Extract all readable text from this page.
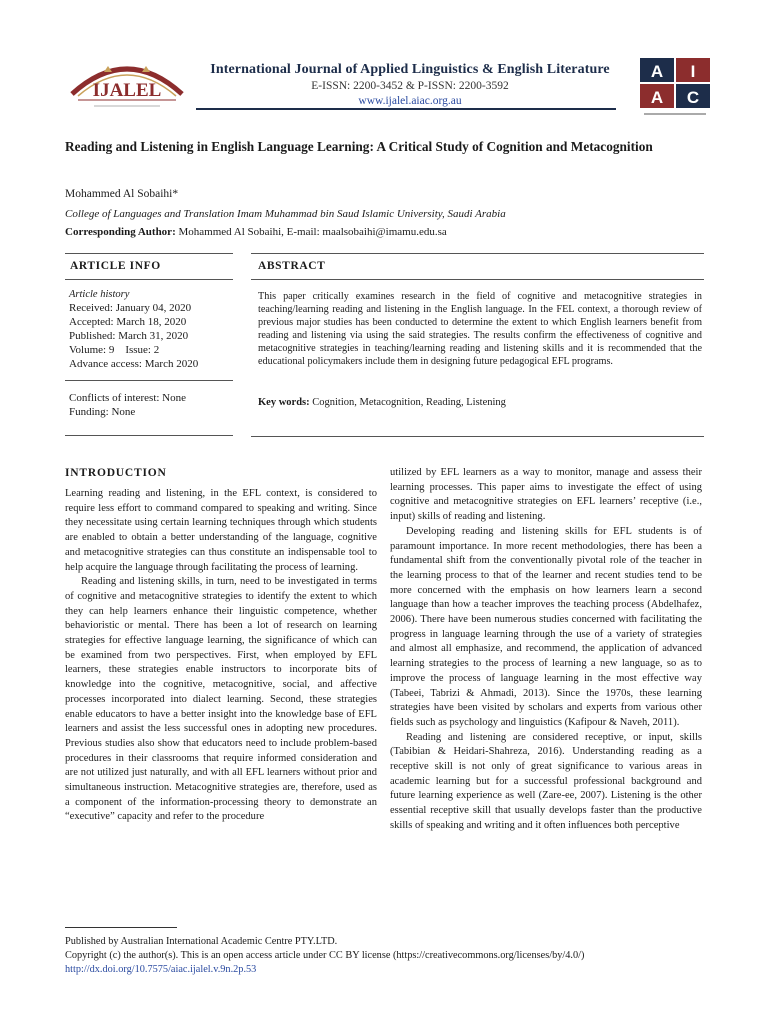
IJALEL
International Journal of Applied Linguistics & English Literature
E-ISSN: 2200-3452 & P-ISSN: 2200-3592
www.ijalel.aiac.org.au
A I
A C
Reading and Listening in English Language Learning: A Critical Study of Cognition and Metacognition
Mohammed Al Sobaihi*
College of Languages and Translation Imam Muhammad bin Saud Islamic University, Saudi Arabia
Corresponding Author: Mohammed Al Sobaihi, E-mail: maalsobaihi@imamu.edu.sa
ARTICLE INFO
Article history
Received: January 04, 2020
Accepted: March 18, 2020
Published: March 31, 2020
Volume: 9    Issue: 2
Advance access: March 2020
Conflicts of interest: None
Funding: None
ABSTRACT
This paper critically examines research in the field of cognitive and metacognitive strategies in teaching/learning reading and listening in the English language. In the FEL context, a thorough review of previous major studies has been conducted to determine the extent to which English learners benefit from reading and listening via using the said strategies. The results confirm the effectiveness of cognitive and metacognitive strategies in teaching/learning reading and listening skills and it is recommended that the educational policymakers include them in designing future pedagogical EFL programs.
Key words: Cognition, Metacognition, Reading, Listening
INTRODUCTION

Learning reading and listening, in the EFL context, is considered to require less effort to command compared to speaking and writing. Since they necessitate using certain learning techniques through which students are enabled to obtain a better understanding of the language, cognitive and metacognitive strategies can thus constitute an indispensable tool to help acquire the language through facilitating the process of learning.

Reading and listening skills, in turn, need to be investigated in terms of cognitive and metacognitive strategies to identify the extent to which they can help learners enhance their linguistic competence, whether behavioristic or mental. There has been a lot of research on learning strategies for effective language learning, the significance of which can be examined from two perspectives. First, when employed by EFL learners, these strategies enable instructors to incorporate bits of knowledge into the cognitive, metacognitive, social, and affective processes incorporated into dialect learning. Second, these strategies enable educators to have a better insight into the knowledge base of EFL learners and assist the less successful ones in adopting new procedures. Previous studies also show that educators need to include problem-based procedures in their classrooms that require informed consideration and are not utilized just naturally, and with all EFL learners without prior and simultaneous instruction. Metacognitive strategies are, therefore, used as a component of the information-processing theory to demonstrate an “executive” capacity and refer to the procedure

utilized by EFL learners as a way to monitor, manage and assess their learning processes. This paper aims to investigate the effect of using cognitive and metacognitive strategies on EFL learners’ receptive (i.e., input) skills of reading and listening.

Developing reading and listening skills for EFL students is of paramount importance. In more recent methodologies, there has been a fundamental shift from the conventionally pivotal role of the teacher in the learning process to that of the learner and recent studies tend to be more concerned with the emphasis on how learners learn a second language than how a teacher improves the teaching process (Abdelhafez, 2006). There have been numerous studies concerned with facilitating the progress in language learning through the use of a variety of strategies and almost all emphasize, and recommend, the application of advanced learning strategies to the process of learning a new language, so as to improve the process of language learning in the most effective way (Tabeei, Tabrizi & Ahmadi, 2013). Since the 1970s, these learning strategies have been visited by scholars and experts from various other fields such as psychology and linguistics (Kafipour & Naveh, 2011).

Reading and listening are considered receptive, or input, skills (Tabibian & Heidari-Shahreza, 2016). Understanding reading as a receptive skill is not only of great significance to various areas in academic learning but for a successful professional background and future learning experience as well (Zare-ee, 2007). Listening is the other essential receptive skill that usually develops faster than the productive skills of speaking and writing and it often influences both perceptive

Published by Australian International Academic Centre PTY.LTD.
Copyright (c) the author(s). This is an open access article under CC BY license (https://creativecommons.org/licenses/by/4.0/)
http://dx.doi.org/10.7575/aiac.ijalel.v.9n.2p.53
